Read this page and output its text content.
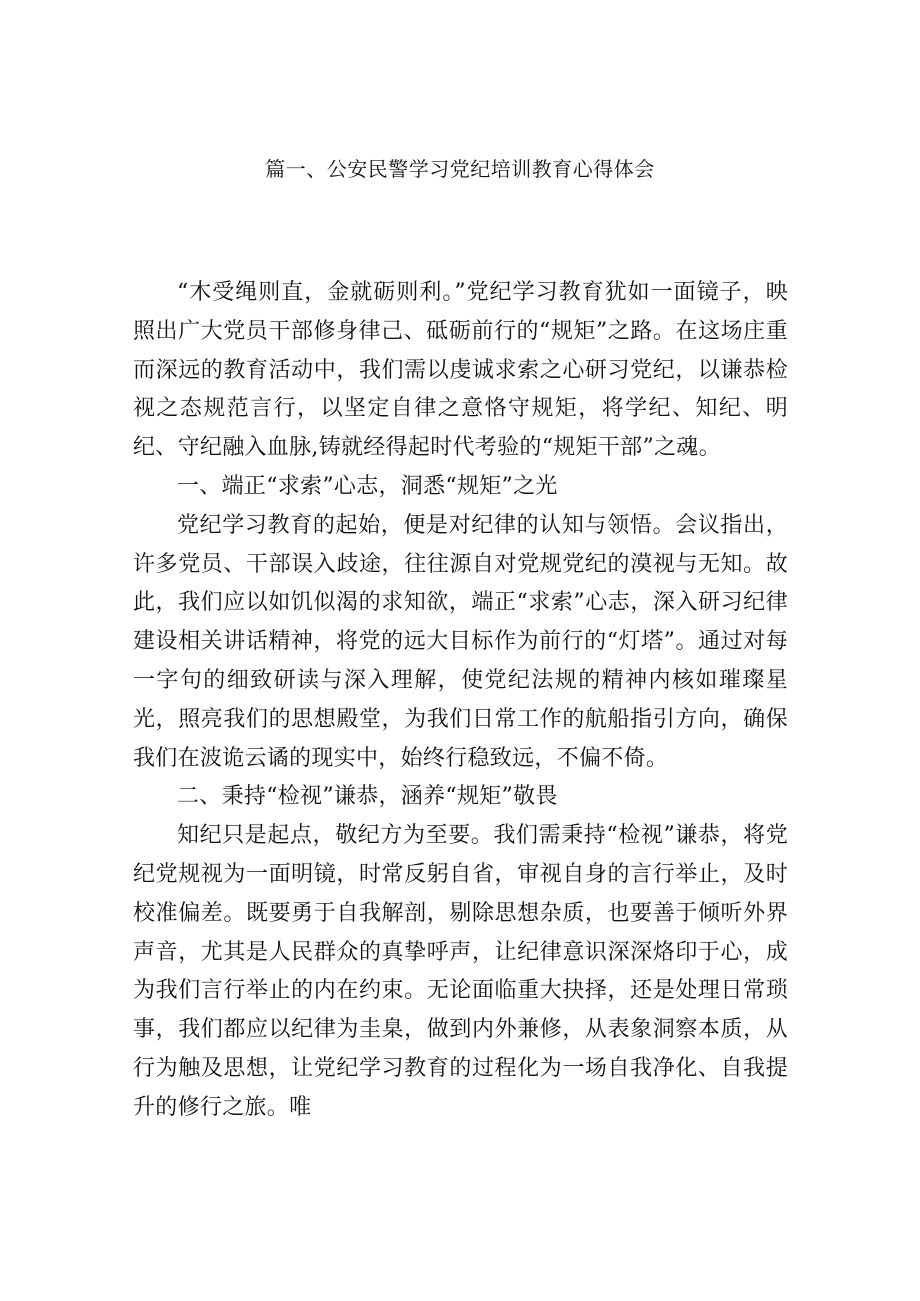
篇一、公安民警学习党纪培训教育心得体会

“木受绳则直，金就砺则利。”党纪学习教育犹如一面镜子，映照出广大党员干部修身律己、砥砺前行的“规矩”之路。在这场庄重而深远的教育活动中，我们需以虔诚求索之心研习党纪，以谦恭检视之态规范言行，以坚定自律之意恪守规矩，将学纪、知纪、明纪、守纪融入血脉,铸就经得起时代考验的“规矩干部”之魂。

一、端正“求索”心志，洞悉“规矩”之光

党纪学习教育的起始，便是对纪律的认知与领悟。会议指出，许多党员、干部误入歧途，往往源自对党规党纪的漠视与无知。故此，我们应以如饥似渴的求知欲，端正“求索”心志，深入研习纪律建设相关讲话精神，将党的远大目标作为前行的“灯塔”。通过对每一字句的细致研读与深入理解，使党纪法规的精神内核如璀璨星光，照亮我们的思想殿堂，为我们日常工作的航船指引方向，确保我们在波诡云谲的现实中，始终行稳致远，不偏不倚。

二、秉持“检视”谦恭，涵养“规矩”敬畏

知纪只是起点，敬纪方为至要。我们需秉持“检视”谦恭，将党纪党规视为一面明镜，时常反躬自省，审视自身的言行举止，及时校准偏差。既要勇于自我解剖，剔除思想杂质，也要善于倾听外界声音，尤其是人民群众的真挚呼声，让纪律意识深深烙印于心，成为我们言行举止的内在约束。无论面临重大抉择，还是处理日常琐事，我们都应以纪律为圭臬，做到内外兼修，从表象洞察本质，从行为触及思想，让党纪学习教育的过程化为一场自我净化、自我提升的修行之旅。唯
